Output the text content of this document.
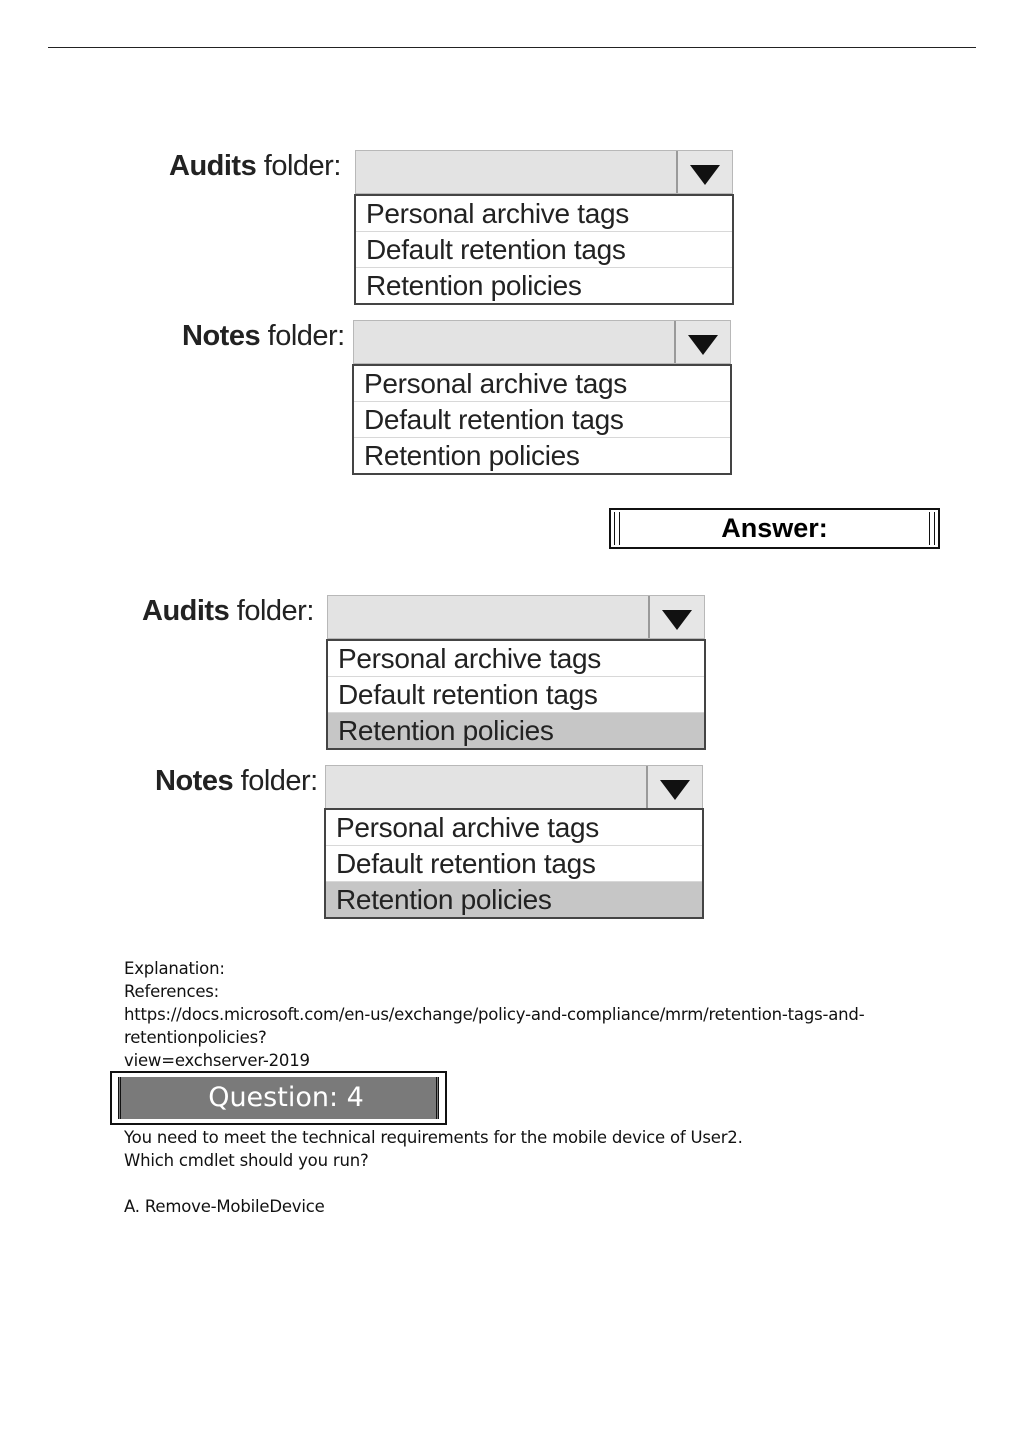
Audits folder:
Personal archive tags
Default retention tags
Retention policies
Notes folder:
Personal archive tags
Default retention tags
Retention policies
Answer:
Audits folder:
Personal archive tags
Default retention tags
Retention policies
Notes folder:
Personal archive tags
Default retention tags
Retention policies
Explanation:
References:
https://docs.microsoft.com/en-us/exchange/policy-and-compliance/mrm/retention-tags-and-
retentionpolicies?
view=exchserver-2019
Question: 4
You need to meet the technical requirements for the mobile device of User2.
Which cmdlet should you run?
A. Remove-MobileDevice
